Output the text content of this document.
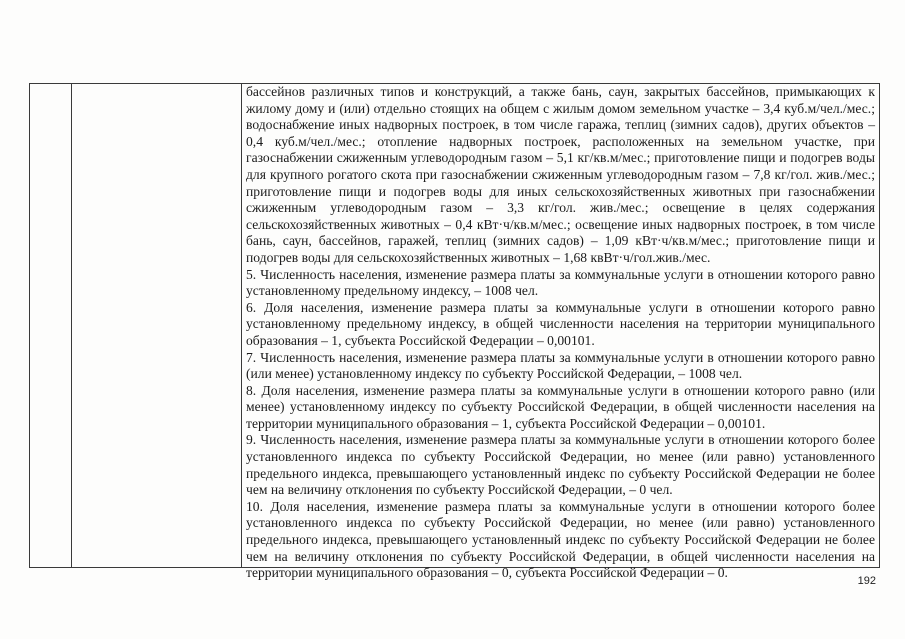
бассейнов различных типов и конструкций, а также бань, саун, закрытых бассейнов, примыкающих к жилому дому и (или) отдельно стоящих на общем с жилым домом земельном участке – 3,4 куб.м/чел./мес.; водоснабжение иных надворных построек, в том числе гаража, теплиц (зимних садов), других объектов – 0,4 куб.м/чел./мес.; отопление надворных построек, расположенных на земельном участке, при газоснабжении сжиженным углеводородным газом – 5,1 кг/кв.м/мес.; приготовление пищи и подогрев воды для крупного рогатого скота при газоснабжении сжиженным углеводородным газом – 7,8 кг/гол. жив./мес.; приготовление пищи и подогрев воды для иных сельскохозяйственных животных при газоснабжении сжиженным углеводородным газом – 3,3 кг/гол. жив./мес.; освещение в целях содержания сельскохозяйственных животных – 0,4 кВт·ч/кв.м/мес.; освещение иных надворных построек, в том числе бань, саун, бассейнов, гаражей, теплиц (зимних садов) – 1,09 кВт·ч/кв.м/мес.; приготовление пищи и подогрев воды для сельскохозяйственных животных – 1,68 квВт·ч/гол.жив./мес.

5. Численность населения, изменение размера платы за коммунальные услуги в отношении которого равно установленному предельному индексу, – 1008 чел.

6. Доля населения, изменение размера платы за коммунальные услуги в отношении которого равно установленному предельному индексу, в общей численности населения на территории муниципального образования – 1, субъекта Российской Федерации – 0,00101.

7. Численность населения, изменение размера платы за коммунальные услуги в отношении которого равно (или менее) установленному индексу по субъекту Российской Федерации, – 1008 чел.

8. Доля населения, изменение размера платы за коммунальные услуги в отношении которого равно (или менее) установленному индексу по субъекту Российской Федерации, в общей численности населения на территории муниципального образования – 1, субъекта Российской Федерации – 0,00101.

9. Численность населения, изменение размера платы за коммунальные услуги в отношении которого более установленного индекса по субъекту Российской Федерации, но менее (или равно) установленного предельного индекса, превышающего установленный индекс по субъекту Российской Федерации не более чем на величину отклонения по субъекту Российской Федерации, – 0 чел.

10. Доля населения, изменение размера платы за коммунальные услуги в отношении которого более установленного индекса по субъекту Российской Федерации, но менее (или равно) установленного предельного индекса, превышающего установленный индекс по субъекту Российской Федерации не более чем на величину отклонения по субъекту Российской Федерации, в общей численности населения на территории муниципального образования – 0, субъекта Российской Федерации – 0.

192
